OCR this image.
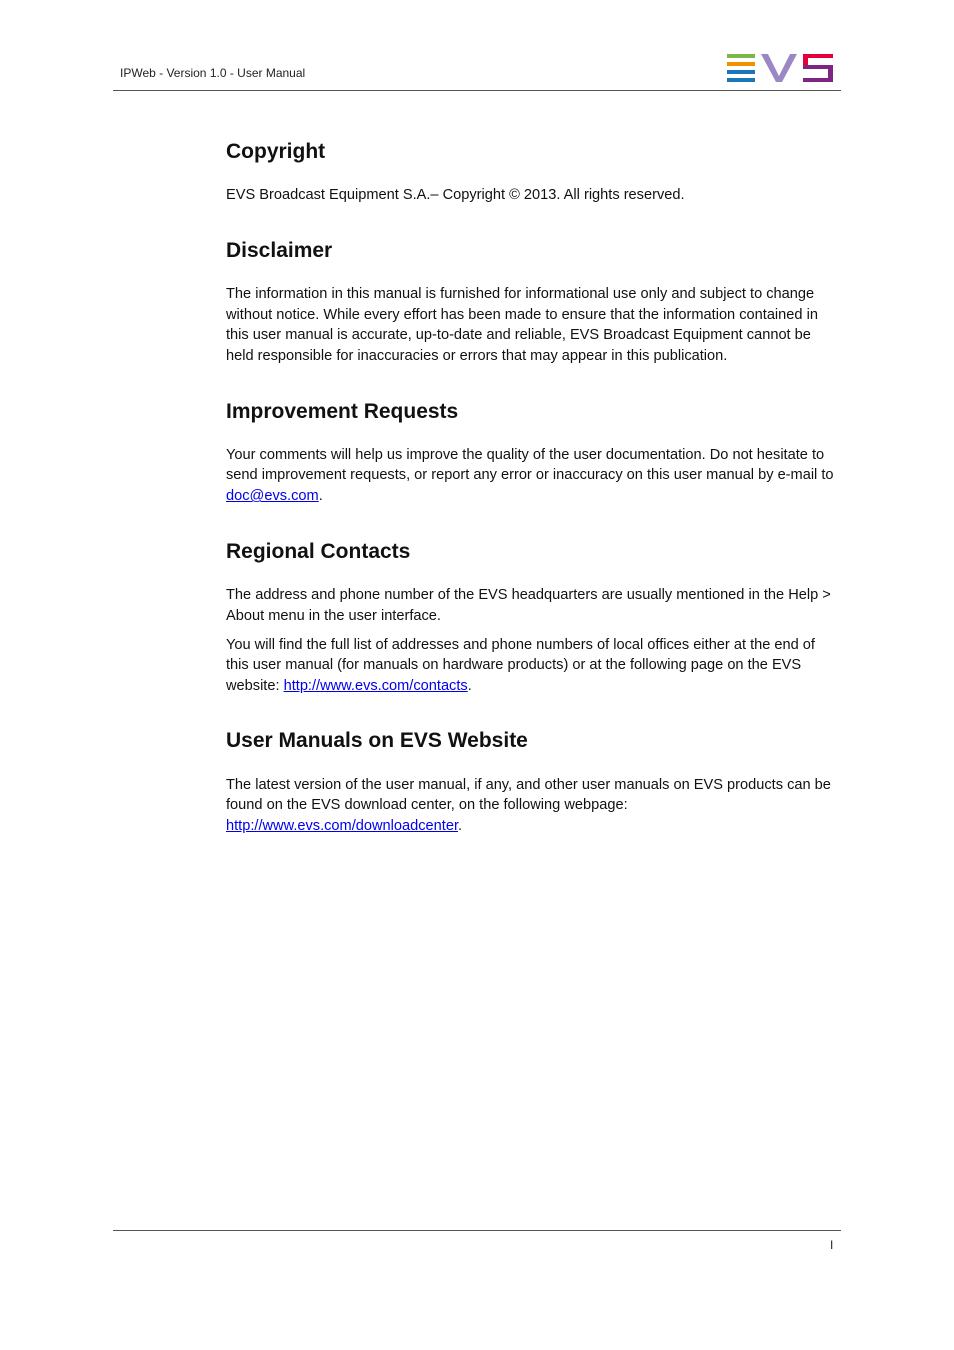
IPWeb - Version 1.0 - User Manual
Copyright

EVS Broadcast Equipment S.A.– Copyright © 2013. All rights reserved.

Disclaimer

The information in this manual is furnished for informational use only and subject to change without notice. While every effort has been made to ensure that the information contained in this user manual is accurate, up-to-date and reliable, EVS Broadcast Equipment cannot be held responsible for inaccuracies or errors that may appear in this publication.

Improvement Requests

Your comments will help us improve the quality of the user documentation. Do not hesitate to send improvement requests, or report any error or inaccuracy on this user manual by e-mail to doc@evs.com.

Regional Contacts

The address and phone number of the EVS headquarters are usually mentioned in the Help > About menu in the user interface.

You will find the full list of addresses and phone numbers of local offices either at the end of this user manual (for manuals on hardware products) or at the following page on the EVS website: http://www.evs.com/contacts.

User Manuals on EVS Website

The latest version of the user manual, if any, and other user manuals on EVS products can be found on the EVS download center, on the following webpage: http://www.evs.com/downloadcenter.

I
